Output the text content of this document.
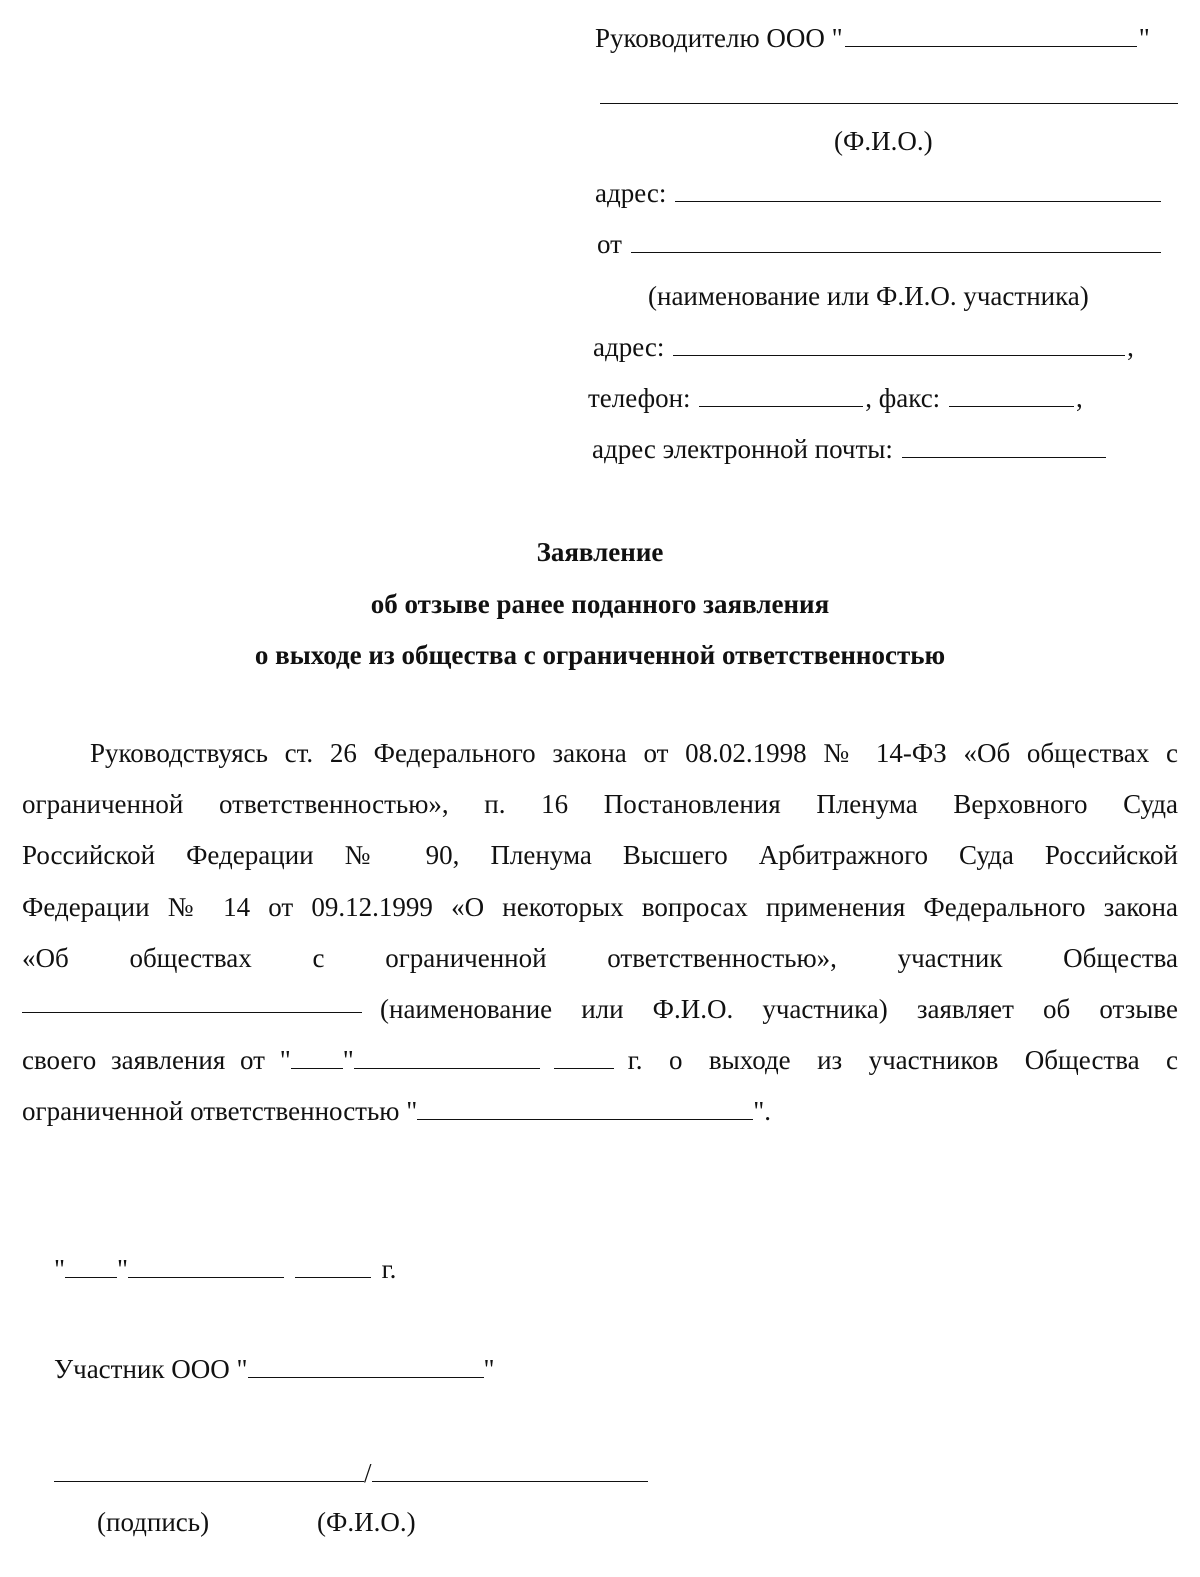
Руководителю ООО "	"
(Ф.И.О.)
адрес:
от
(наименование или Ф.И.О. участника)
адрес:	,
телефон:	, факс:	,
адрес электронной почты:
Заявление
об отзыве ранее поданного заявления
о выходе из общества с ограниченной ответственностью
Руководствуясь ст. 26 Федерального закона от 08.02.1998 № 14-ФЗ «Об обществах с
ограниченной ответственностью», п. 16 Постановления Пленума Верховного Суда
Российской Федерации № 90, Пленума Высшего Арбитражного Суда Российской
Федерации № 14 от 09.12.1999 «О некоторых вопросах применения Федерального закона
«Об обществах с ограниченной ответственностью», участник Общества
(наименование или Ф.И.О. участника) заявляет об отзыве
своего заявления от " "	г. о выходе из участников Общества с
ограниченной ответственностью "	".
" "	г.
Участник ООО "	"
/
(подпись)	(Ф.И.О.)
